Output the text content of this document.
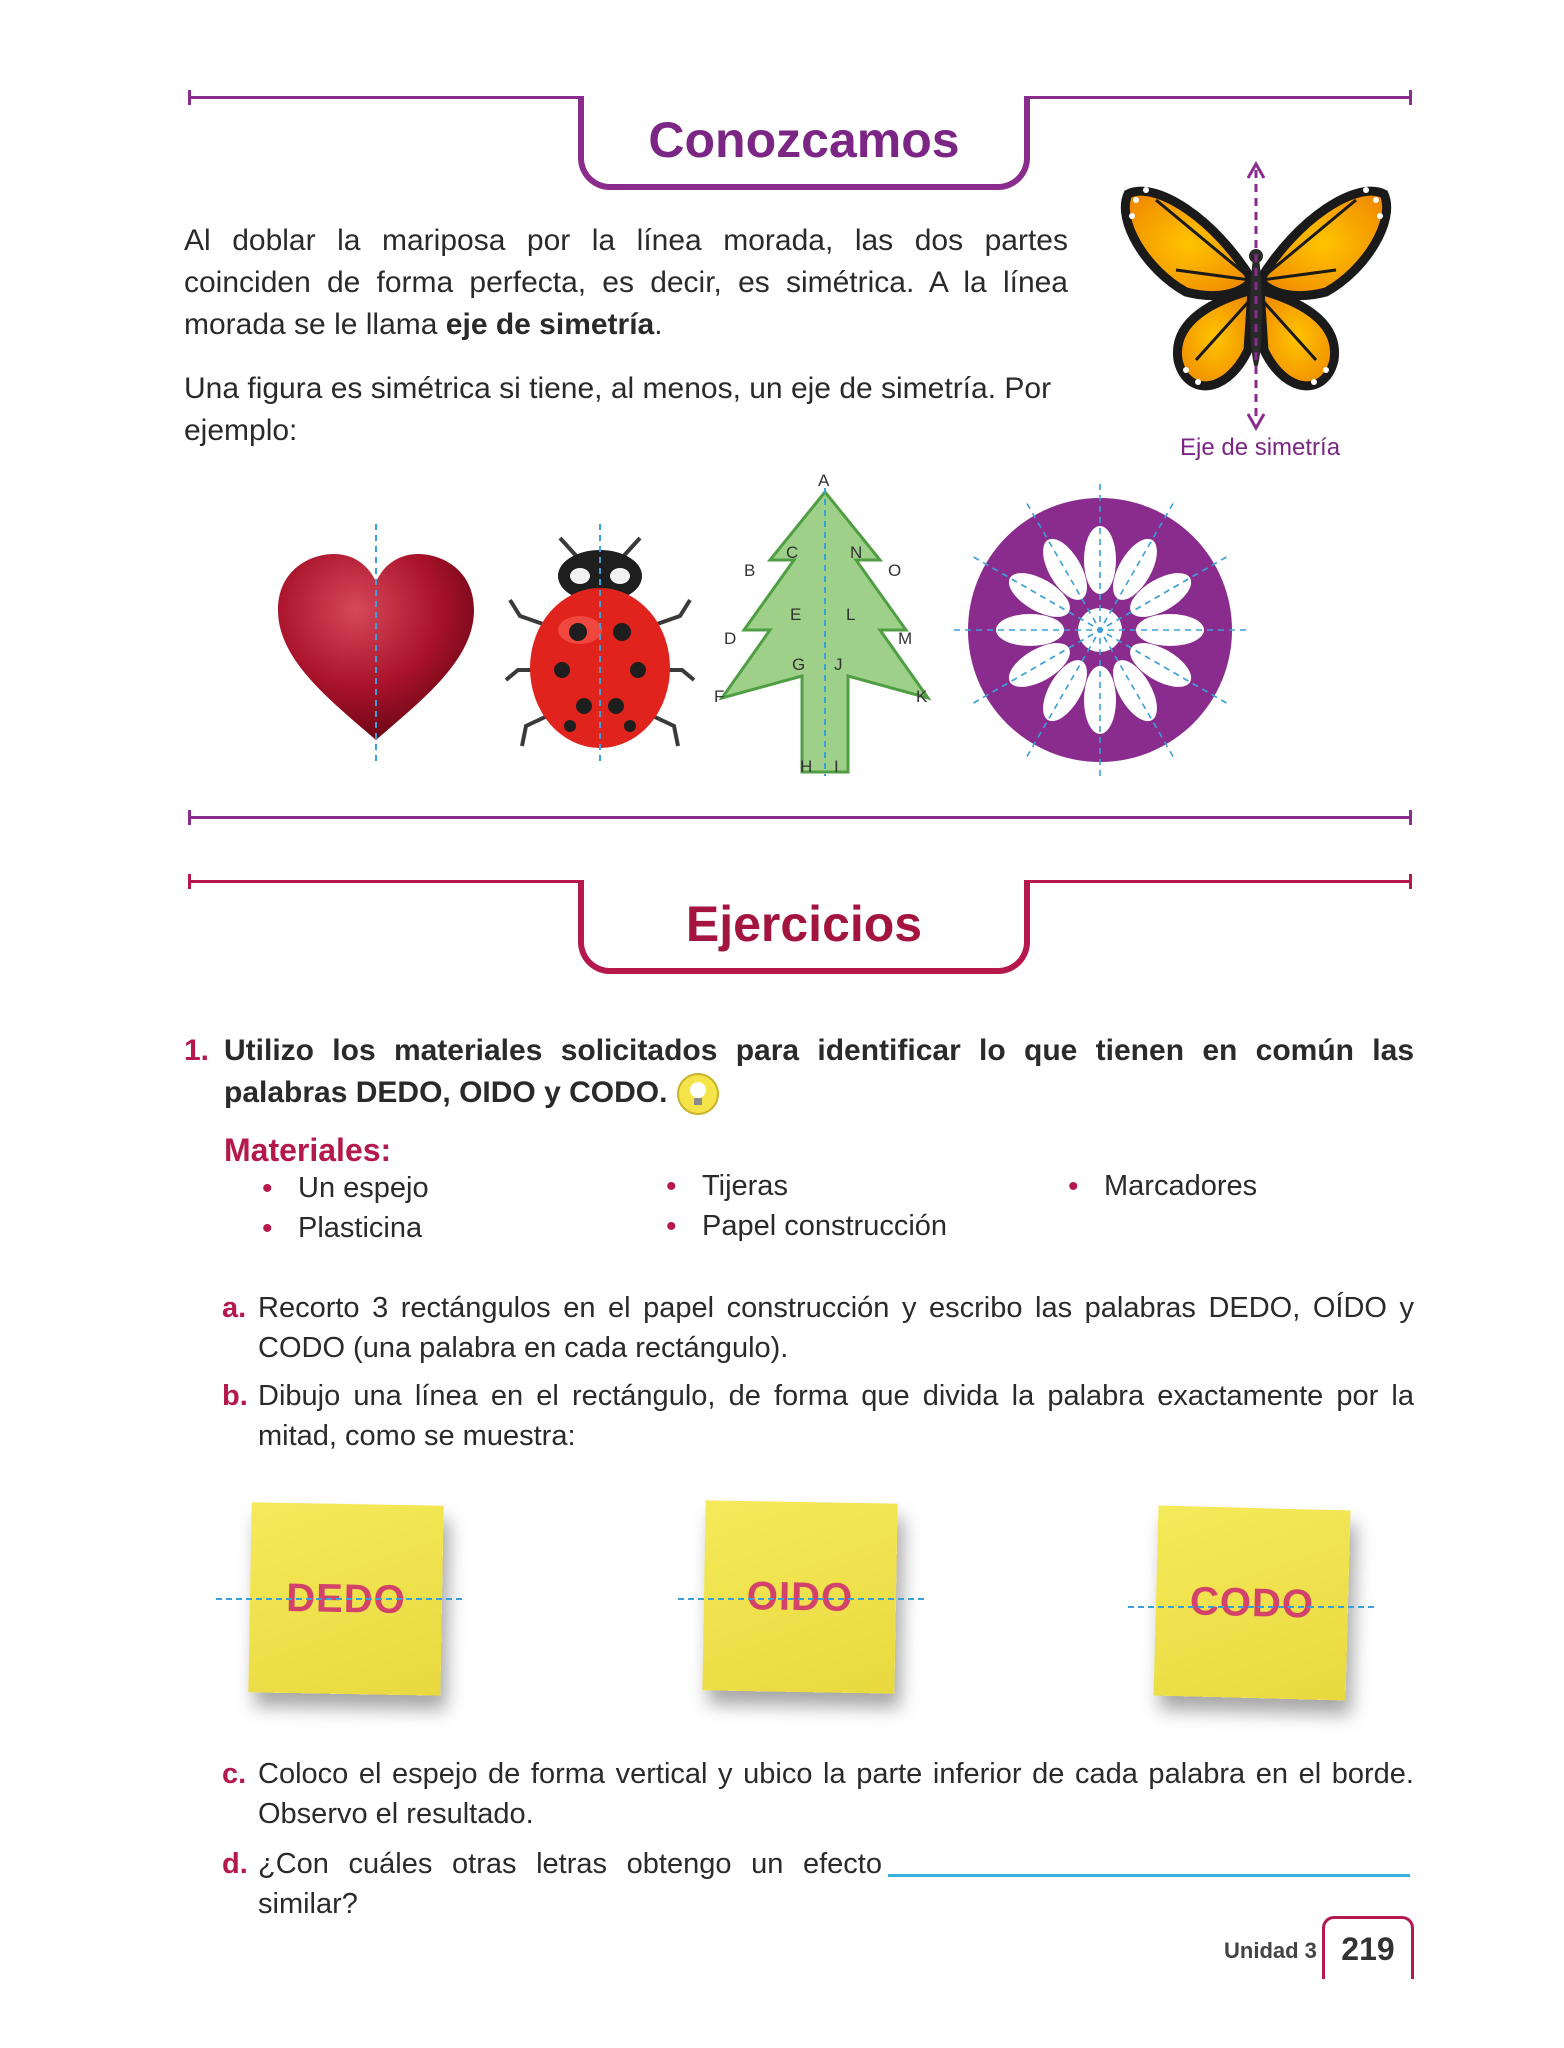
Conozcamos
Al doblar la mariposa por la línea morada, las dos partes coinciden de forma perfecta, es decir, es simétrica. A la línea morada se le llama eje de simetría.
Una figura es simétrica si tiene, al menos, un eje de simetría. Por ejemplo:
Eje de simetría
A
B
C	N
O
D
E	L
M
F
G J
K
H I
Ejercicios
1. Utilizo los materiales solicitados para identificar lo que tienen en común las palabras DEDO, OIDO y CODO.
Materiales:
• Un espejo
• Plasticina
• Tijeras
• Papel construcción
• Marcadores
a. Recorto 3 rectángulos en el papel construcción y escribo las palabras DEDO, OÍDO y CODO (una palabra en cada rectángulo).
b. Dibujo una línea en el rectángulo, de forma que divida la palabra exactamente por la mitad, como se muestra:
DEDO	OIDO	CODO
c. Coloco el espejo de forma vertical y ubico la parte inferior de cada palabra en el borde. Observo el resultado.
d. ¿Con cuáles otras letras obtengo un efecto similar?
Unidad 3 219
